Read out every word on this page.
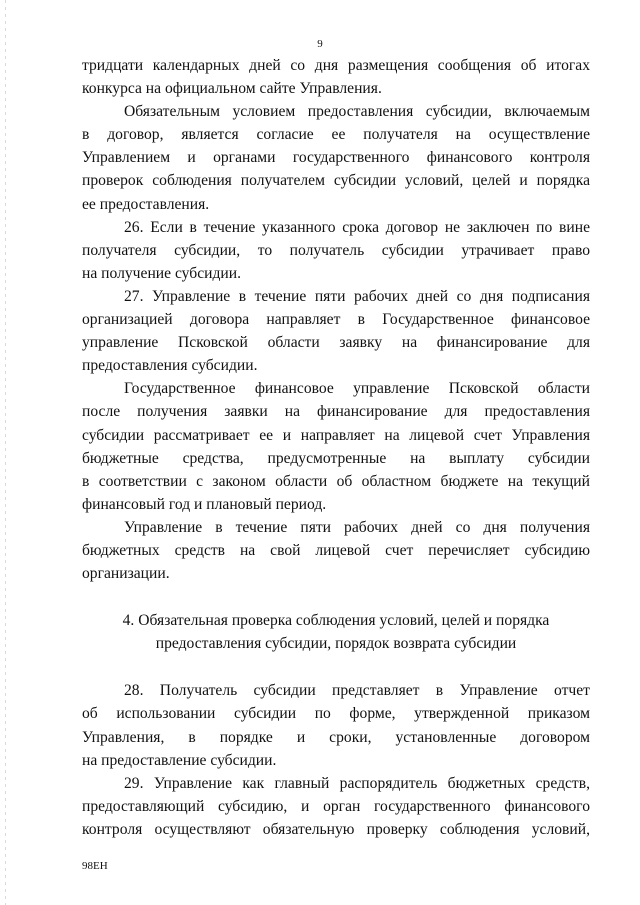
9

тридцати календарных дней со дня размещения сообщения об итогах
конкурса на официальном сайте Управления.

Обязательным условием предоставления субсидии, включаемым
в договор, является согласие ее получателя на осуществление
Управлением и органами государственного финансового контроля
проверок соблюдения получателем субсидии условий, целей и порядка
ее предоставления.

26. Если в течение указанного срока договор не заключен по вине
получателя субсидии, то получатель субсидии утрачивает право
на получение субсидии.

27. Управление в течение пяти рабочих дней со дня подписания
организацией договора направляет в Государственное финансовое
управление Псковской области заявку на финансирование для
предоставления субсидии.

Государственное финансовое управление Псковской области
после получения заявки на финансирование для предоставления
субсидии рассматривает ее и направляет на лицевой счет Управления
бюджетные средства, предусмотренные на выплату субсидии
в соответствии с законом области об областном бюджете на текущий
финансовый год и плановый период.

Управление в течение пяти рабочих дней со дня получения
бюджетных средств на свой лицевой счет перечисляет субсидию
организации.

4. Обязательная проверка соблюдения условий, целей и порядка
предоставления субсидии, порядок возврата субсидии

28. Получатель субсидии представляет в Управление отчет
об использовании субсидии по форме, утвержденной приказом
Управления, в порядке и сроки, установленные договором
на предоставление субсидии.

29. Управление как главный распорядитель бюджетных средств,
предоставляющий субсидию, и орган государственного финансового
контроля осуществляют обязательную проверку соблюдения условий,

98ЕН
